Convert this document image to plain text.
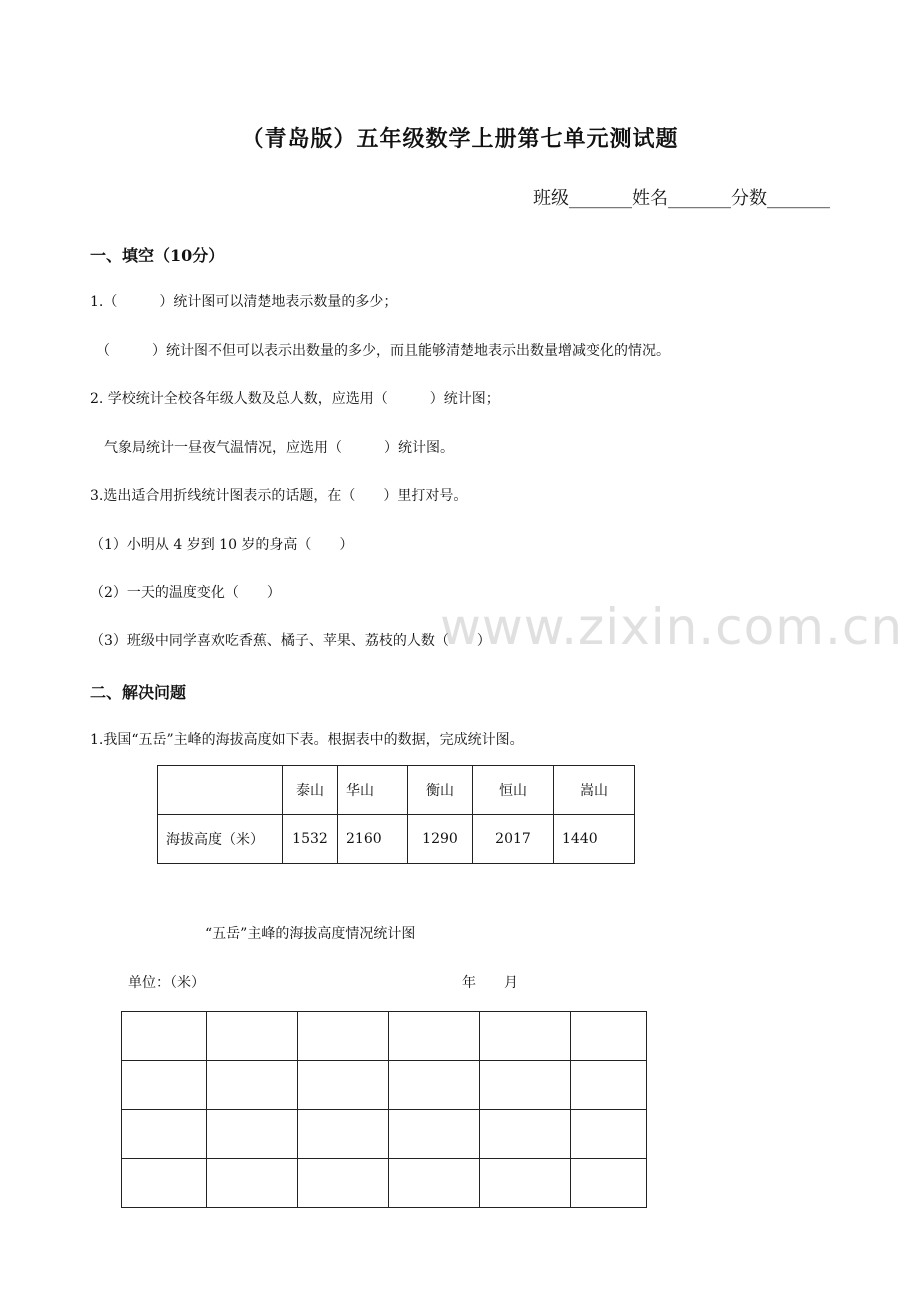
（青岛版）五年级数学上册第七单元测试题
班级_______姓名_______分数_______
一、填空（10分）
1.（　　　）统计图可以清楚地表示数量的多少；
（　　　）统计图不但可以表示出数量的多少，而且能够清楚地表示出数量增减变化的情况。
2. 学校统计全校各年级人数及总人数，应选用（　　　）统计图；
气象局统计一昼夜气温情况，应选用（　　　）统计图。
3.选出适合用折线统计图表示的话题，在（　　）里打对号。
（1）小明从 4 岁到 10 岁的身高（　　）
（2）一天的温度变化（　　）
（3）班级中同学喜欢吃香蕉、橘子、苹果、荔枝的人数（　　）
www.zixin.com.cn
二、解决问题
1.我国“五岳”主峰的海拔高度如下表。根据表中的数据，完成统计图。
	泰山	华山	衡山	恒山	嵩山
海拔高度（米）	1532	2160	1290	2017	1440
“五岳”主峰的海拔高度情况统计图
单位：（米）	年　　月
